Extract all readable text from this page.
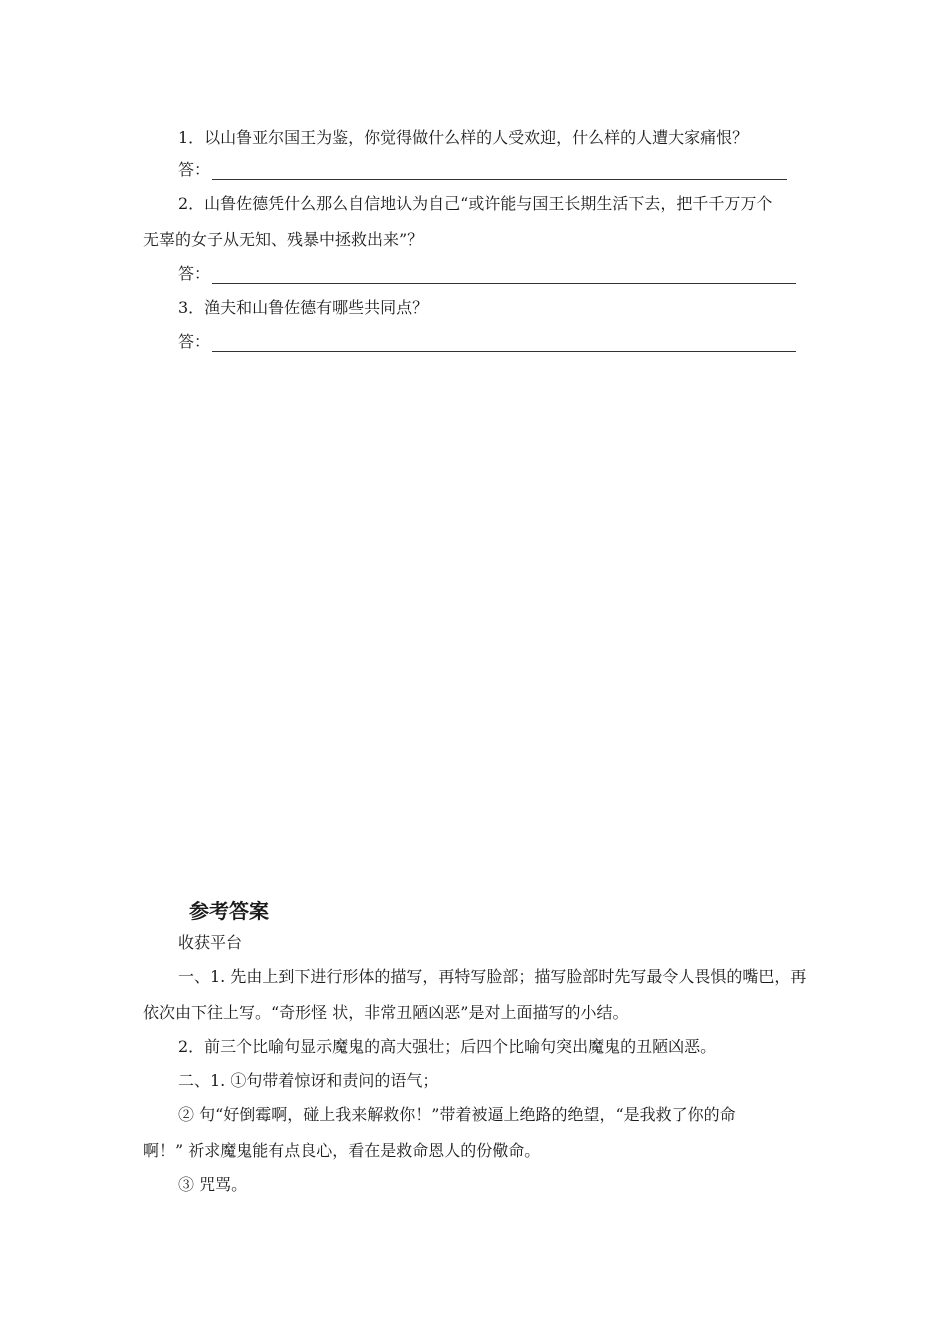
1．以山鲁亚尔国王为鉴，你觉得做什么样的人受欢迎，什么样的人遭大家痛恨？
答：
2．山鲁佐德凭什么那么自信地认为自己“或许能与国王长期生活下去，把千千万万个
无辜的女子从无知、残暴中拯救出来”？
答：
3．渔夫和山鲁佐德有哪些共同点？
答：
参考答案
收获平台
一、1. 先由上到下进行形体的描写，再特写脸部；描写脸部时先写最令人畏惧的嘴巴，再
依次由下往上写。“奇形怪 状，非常丑陋凶恶”是对上面描写的小结。
2．前三个比喻句显示魔鬼的高大强壮；后四个比喻句突出魔鬼的丑陋凶恶。
二、1. ①句带着惊讶和责问的语气；
② 句“好倒霉啊，碰上我来解救你！”带着被逼上绝路的绝望，“是我救了你的命
啊！” 祈求魔鬼能有点良心，看在是救命恩人的份儆命。
③ 咒骂。
